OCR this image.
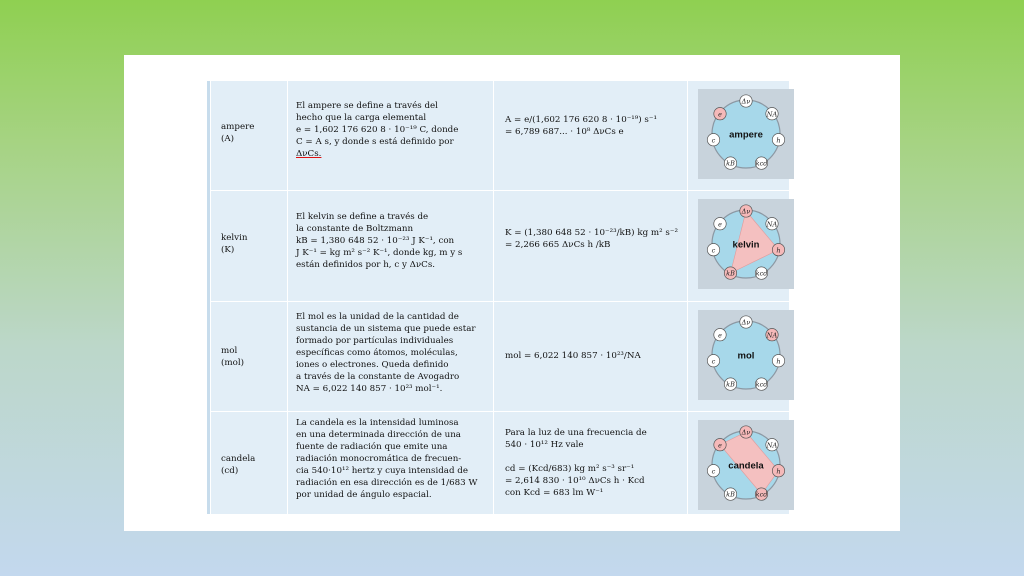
ampere
(A)
El ampere se define a través del
hecho que la carga elemental
e = 1,602 176 620 8 · 10⁻¹⁹ C, donde
C = A s, y donde s está definido por
ΔνCs.
A = e/(1,602 176 620 8 · 10⁻¹⁹) s⁻¹
= 6,789 687... · 10⁸ ΔνCs e
Δν
NA
h
kcd
kB
c
e
ampere
kelvin
(K)
El kelvin se define a través de
la constante de Boltzmann
kB = 1,380 648 52 · 10⁻²³ J K⁻¹, con
J K⁻¹ = kg m² s⁻² K⁻¹, donde kg, m y s
están definidos por h, c y ΔνCs.
K = (1,380 648 52 · 10⁻²³/kB) kg m² s⁻²
= 2,266 665 ΔνCs h /kB
Δν
NA
h
kcd
kB
c
e
kelvin
mol
(mol)
El mol es la unidad de la cantidad de
sustancia de un sistema que puede estar
formado por partículas individuales
específicas como átomos, moléculas,
iones o electrones. Queda definido
a través de la constante de Avogadro
NA = 6,022 140 857 · 10²³ mol⁻¹.
mol = 6,022 140 857 · 10²³/NA
Δν
NA
h
kcd
kB
c
e
mol
candela
(cd)
La candela es la intensidad luminosa
en una determinada dirección de una
fuente de radiación que emite una
radiación monocromática de frecuen-
cia 540·10¹² hertz y cuya intensidad de
radiación en esa dirección es de 1/683 W
por unidad de ángulo espacial.
Para la luz de una frecuencia de
540 · 10¹² Hz vale
cd = (Kcd/683) kg m² s⁻³ sr⁻¹
= 2,614 830 · 10¹⁰ ΔνCs h · Kcd
con Kcd = 683 lm W⁻¹
Δν
NA
h
kcd
kB
c
e
candela
